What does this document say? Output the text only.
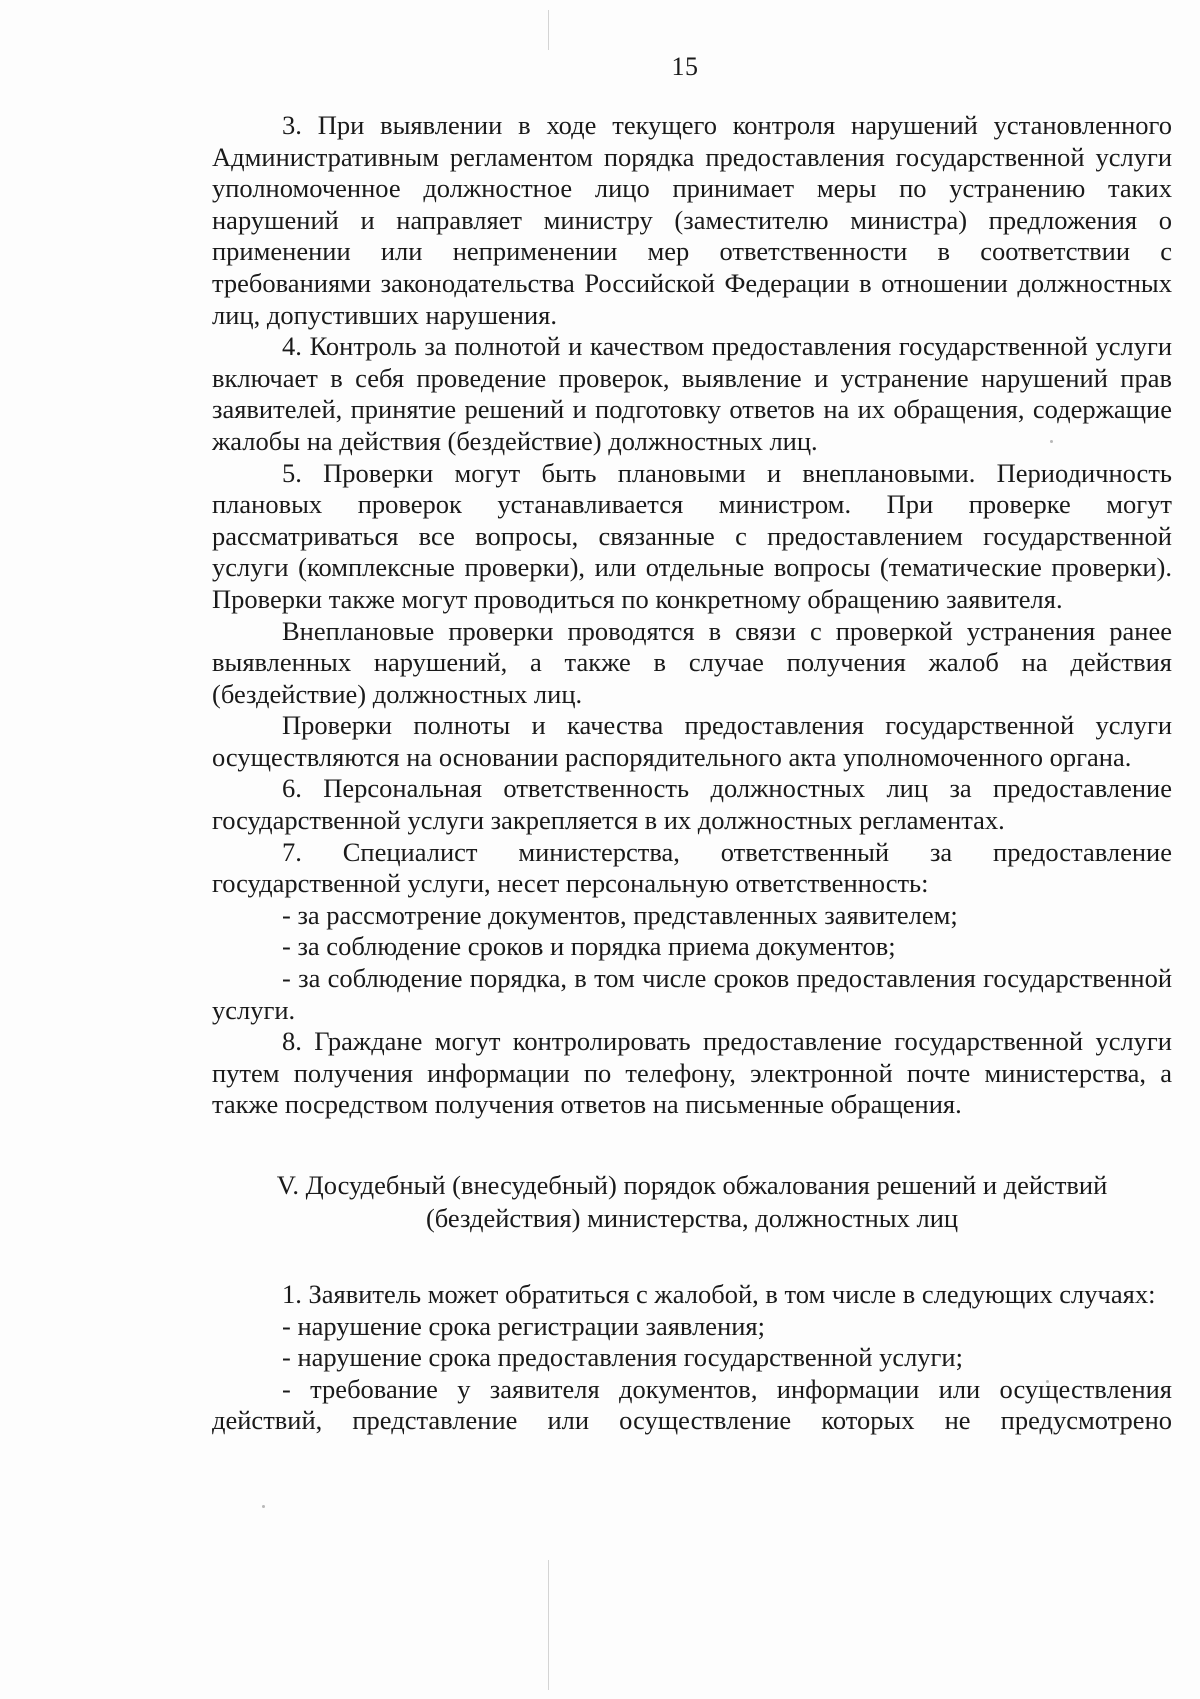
15

3. При выявлении в ходе текущего контроля нарушений установленного Административным регламентом порядка предоставления государственной услуги уполномоченное должностное лицо принимает меры по устранению таких нарушений и направляет министру (заместителю министра) предложения о применении или неприменении мер ответственности в соответствии с требованиями законодательства Российской Федерации в отношении должностных лиц, допустивших нарушения.

4. Контроль за полнотой и качеством предоставления государственной услуги включает в себя проведение проверок, выявление и устранение нарушений прав заявителей, принятие решений и подготовку ответов на их обращения, содержащие жалобы на действия (бездействие) должностных лиц.

5. Проверки могут быть плановыми и внеплановыми. Периодичность плановых проверок устанавливается министром. При проверке могут рассматриваться все вопросы, связанные с предоставлением государственной услуги (комплексные проверки), или отдельные вопросы (тематические проверки). Проверки также могут проводиться по конкретному обращению заявителя.

Внеплановые проверки проводятся в связи с проверкой устранения ранее выявленных нарушений, а также в случае получения жалоб на действия (бездействие) должностных лиц.

Проверки полноты и качества предоставления государственной услуги осуществляются на основании распорядительного акта уполномоченного органа.

6. Персональная ответственность должностных лиц за предоставление государственной услуги закрепляется в их должностных регламентах.

7. Специалист министерства, ответственный за предоставление государственной услуги, несет персональную ответственность:

- за рассмотрение документов, представленных заявителем;

- за соблюдение сроков и порядка приема документов;

- за соблюдение порядка, в том числе сроков предоставления государственной услуги.

8. Граждане могут контролировать предоставление государственной услуги путем получения информации по телефону, электронной почте министерства, а также посредством получения ответов на письменные обращения.

V. Досудебный (внесудебный) порядок обжалования решений и действий
(бездействия) министерства, должностных лиц

1. Заявитель может обратиться с жалобой, в том числе в следующих случаях:

- нарушение срока регистрации заявления;

- нарушение срока предоставления государственной услуги;

- требование у заявителя документов, информации или осуществления действий, представление или осуществление которых не предусмотрено
